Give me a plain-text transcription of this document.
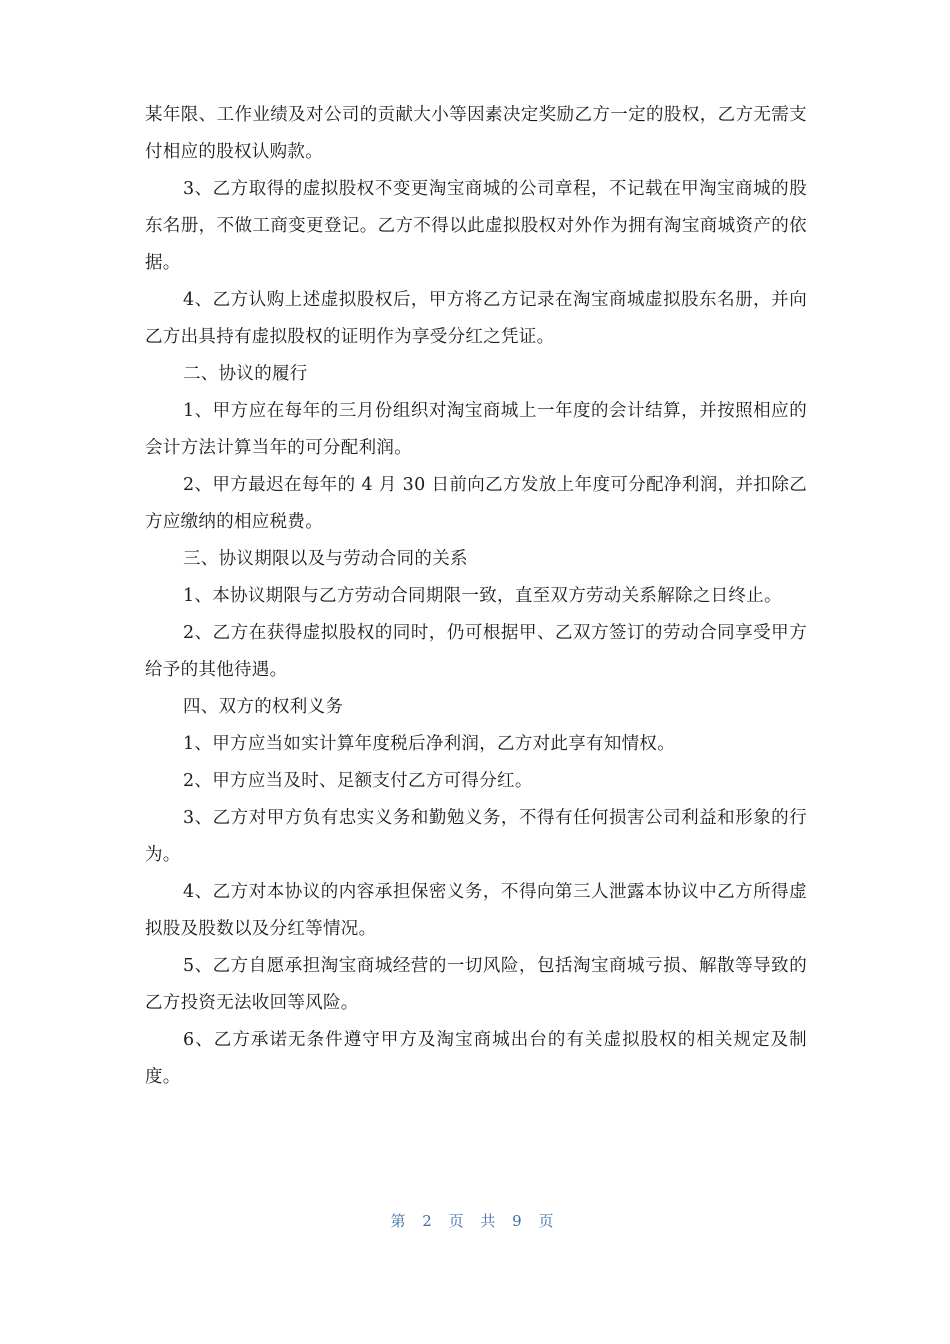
某年限、工作业绩及对公司的贡献大小等因素决定奖励乙方一定的股权，乙方无需支付相应的股权认购款。

3、乙方取得的虚拟股权不变更淘宝商城的公司章程，不记载在甲淘宝商城的股东名册，不做工商变更登记。乙方不得以此虚拟股权对外作为拥有淘宝商城资产的依据。

4、乙方认购上述虚拟股权后，甲方将乙方记录在淘宝商城虚拟股东名册，并向乙方出具持有虚拟股权的证明作为享受分红之凭证。

二、协议的履行

1、甲方应在每年的三月份组织对淘宝商城上一年度的会计结算，并按照相应的会计方法计算当年的可分配利润。

2、甲方最迟在每年的 4 月 30 日前向乙方发放上年度可分配净利润，并扣除乙方应缴纳的相应税费。

三、协议期限以及与劳动合同的关系

1、本协议期限与乙方劳动合同期限一致，直至双方劳动关系解除之日终止。

2、乙方在获得虚拟股权的同时，仍可根据甲、乙双方签订的劳动合同享受甲方给予的其他待遇。

四、双方的权利义务

1、甲方应当如实计算年度税后净利润，乙方对此享有知情权。

2、甲方应当及时、足额支付乙方可得分红。

3、乙方对甲方负有忠实义务和勤勉义务，不得有任何损害公司利益和形象的行为。

4、乙方对本协议的内容承担保密义务，不得向第三人泄露本协议中乙方所得虚拟股及股数以及分红等情况。

5、乙方自愿承担淘宝商城经营的一切风险，包括淘宝商城亏损、解散等导致的乙方投资无法收回等风险。

6、乙方承诺无条件遵守甲方及淘宝商城出台的有关虚拟股权的相关规定及制度。

第 2 页 共 9 页
